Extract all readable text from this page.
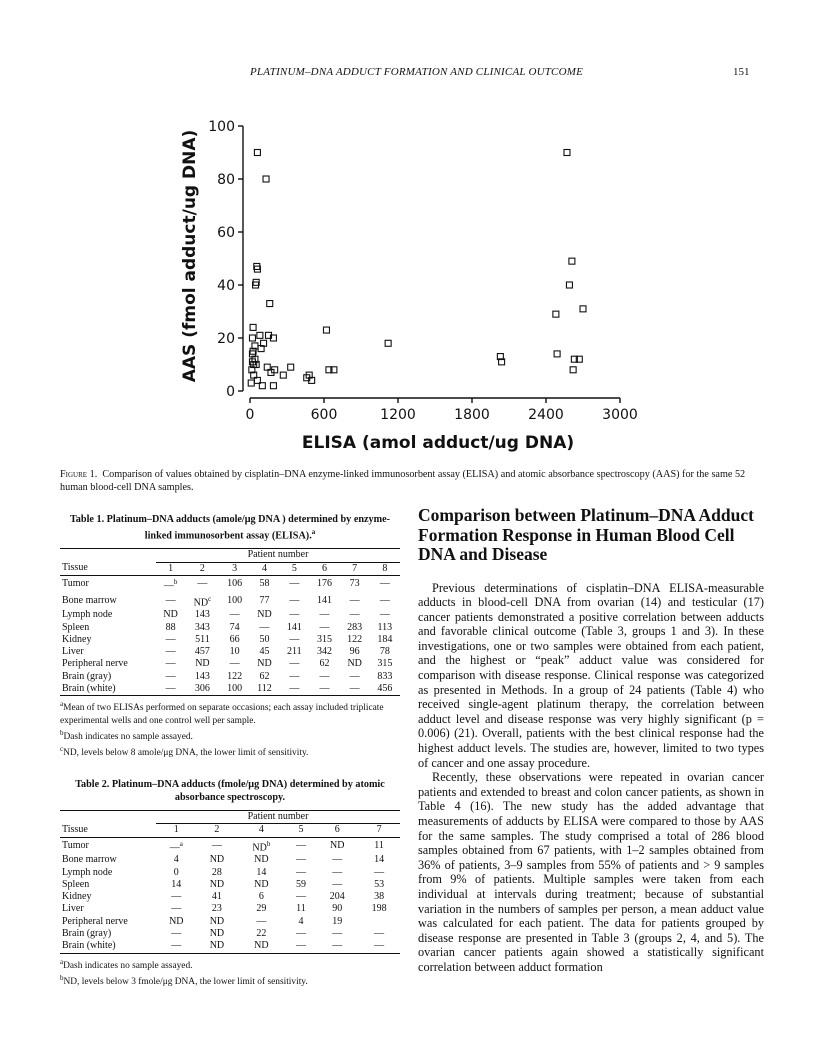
PLATINUM–DNA ADDUCT FORMATION AND CLINICAL OUTCOME	151
0
20
40
60
80
100
0	600	1200	1800	2400	3000
AAS (fmol adduct/ug DNA)
ELISA (amol adduct/ug DNA)
Figure 1. Comparison of values obtained by cisplatin–DNA enzyme-linked immunosorbent assay (ELISA) and atomic absorbance spectroscopy (AAS) for the same 52 human blood-cell DNA samples.
Table 1. Platinum–DNA adducts (amole/μg DNA ) determined by enzyme-linked immunosorbent assay (ELISA).$^a$
	Patient number							
Tissue	1	2	3	4	5	6	7	8
Tumor	—$^b$	—	106	58	—	176	73	—
Bone marrow	—	$ND^c$	100	77	—	141	—	—
Lymph node	ND	143	—	ND	—	—	—	—
Spleen	88	343	74	—	141	—	283	113
Kidney	—	511	66	50	—	315	122	184
Liver	—	457	10	45	211	342	96	78
Peripheral nerve	—	ND	—	ND	—	62	ND	315
Brain (gray)	—	143	122	62	—	—	—	833
Brain (white)	—	306	100	112	—	—	—	456

$^a$Mean of two ELISAs performed on separate occasions; each assay included triplicate experimental wells and one control well per sample.

$^b$Dash indicates no sample assayed.

$^c$ND, levels below 8 amole/μg DNA, the lower limit of sensitivity.

Table 2. Platinum–DNA adducts (fmole/μg DNA) determined by atomic absorbance spectroscopy.
	Patient number					
Tissue	1	2	4	5	6	7
Tumor	—$^a$	—	$ND^b$	—	ND	11
Bone marrow	4	ND	ND	—	—	14
Lymph node	0	28	14	—	—	—
Spleen	14	ND	ND	59	—	53
Kidney	—	41	6	—	204	38
Liver	—	23	29	11	90	198
Peripheral nerve	ND	ND	—	4	19	
Brain (gray)	—	ND	22	—	—	—
Brain (white)	—	ND	ND	—	—	—

$^a$Dash indicates no sample assayed.

$^b$ND, levels below 3 fmole/μg DNA, the lower limit of sensitivity.

Comparison between Platinum–DNA Adduct Formation Response in Human Blood Cell DNA and Disease

Previous determinations of cisplatin–DNA ELISA-measurable adducts in blood-cell DNA from ovarian (14) and testicular (17) cancer patients demonstrated a positive correlation between adducts and favorable clinical outcome (Table 3, groups 1 and 3). In these investigations, one or two samples were obtained from each patient, and the highest or “peak” adduct value was considered for comparison with disease response. Clinical response was categorized as presented in Methods. In a group of 24 patients (Table 4) who received single-agent platinum therapy, the correlation between adduct level and disease response was very highly significant (p = 0.006) (21). Overall, patients with the best clinical response had the highest adduct levels. The studies are, however, limited to two types of cancer and one assay procedure.

Recently, these observations were repeated in ovarian cancer patients and extended to breast and colon cancer patients, as shown in Table 4 (16). The new study has the added advantage that measurements of adducts by ELISA were compared to those by AAS for the same samples. The study comprised a total of 286 blood samples obtained from 67 patients, with 1–2 samples obtained from 36% of patients, 3–9 samples from 55% of patients and > 9 samples from 9% of patients. Multiple samples were taken from each individual at intervals during treatment; because of substantial variation in the numbers of samples per person, a mean adduct value was calculated for each patient. The data for patients grouped by disease response are presented in Table 3 (groups 2, 4, and 5). The ovarian cancer patients again showed a statistically significant correlation between adduct formation
